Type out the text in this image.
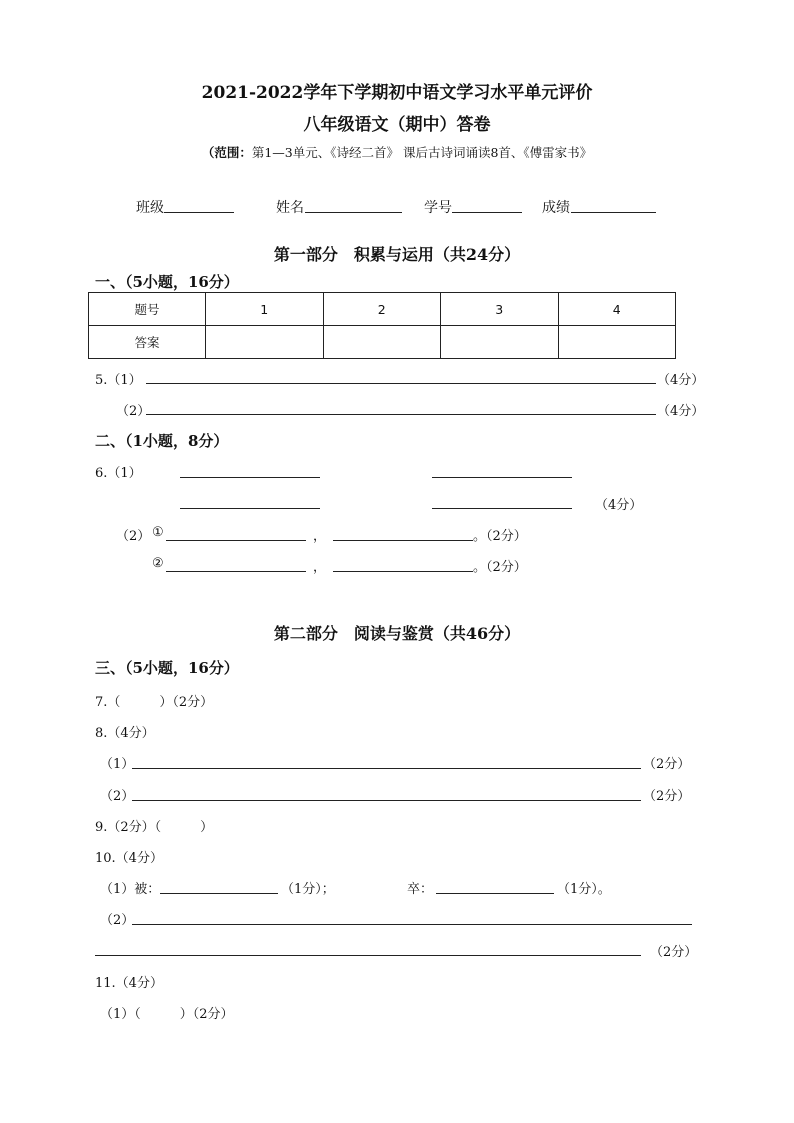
2021-2022学年下学期初中语文学习水平单元评价
八年级语文（期中）答卷
（范围：第1—3单元、《诗经二首》 课后古诗词诵读8首、《傅雷家书》
班级	姓名	学号	成绩
第一部分　积累与运用（共24分）
一、（5小题，16分）
题号	1	2	3	4
答案				
5.（1）	（4分）
（2）	（4分）
二、（1小题，8分）
6.（1）
（4分）
（2） ①	，	。（2分）
②	，	。（2分）
第二部分　阅读与鉴赏（共46分）
三、（5小题，16分）
7.（　　　）（2分）
8.（4分）
（1）	（2分）
（2）	（2分）
9.（2分）（　　　）
10.（4分）
（1）被：	（1分）；	卒：	（1分）。
（2）
（2分）
11.（4分）
（1）（　　　）（2分）
